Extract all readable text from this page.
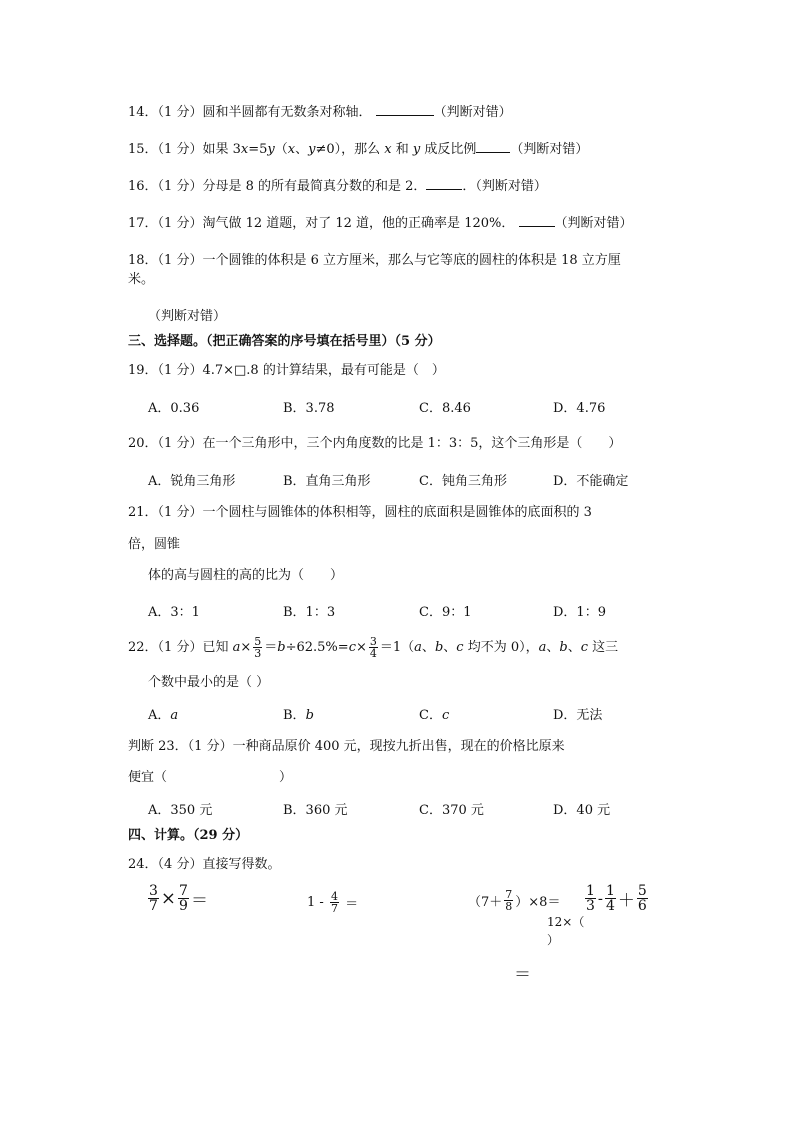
14．（1 分）圆和半圆都有无数条对称轴．	（判断对错）
15．（1 分）如果 3x=5y（x、y≠0），那么 x 和 y 成反比例	（判断对错）
16．（1 分）分母是 8 的所有最简真分数的和是 2．	．（判断对错）
17．（1 分）淘气做 12 道题，对了 12 道，他的正确率是 120%．	（判断对错）
18．（1 分）一个圆锥的体积是 6 立方厘米，那么与它等底的圆柱的体积是 18 立方厘
米。
（判断对错）
三、选择题。（把正确答案的序号填在括号里）（5 分）
19．（1 分）4.7×□.8 的计算结果，最有可能是（　）
A．0.36	B．3.78	C．8.46	D．4.76
20．（1 分）在一个三角形中，三个内角度数的比是 1：3：5，这个三角形是（　　）
A．锐角三角形	B．直角三角形	C．钝角三角形	D．不能确定
21．（1 分）一个圆柱与圆锥体的体积相等，圆柱的底面积是圆锥体的底面积的 3
倍，圆锥
体的高与圆柱的高的比为（　　）
A．3：1	B．1：3	C．9：1	D．1：9
22．（1 分）已知 $a\times \frac{5}{3} =b\div 62.5\%=c\times \frac{3}{4} =1(a$、b、c 均不为 0），a、b、c 这三
个数中最小的是（ ）
A．a	B．b	C．c	D．无法
判断 23．（1 分）一种商品原价 400 元，现按九折出售，现在的价格比原来
便宜（	）
A．350 元	B．360 元	C．370 元	D．40 元
四、计算。（29 分）
24．（4 分）直接写得数。
$\frac{3}{7} \times \frac{7}{9}$ ＝	$1 - \frac{4}{7}$ ＝	$(7+ \frac{7}{8} )\times 8= \frac{1}{3} - \frac{1}{4} + \frac{5}{6}$
12×（
）
＝
